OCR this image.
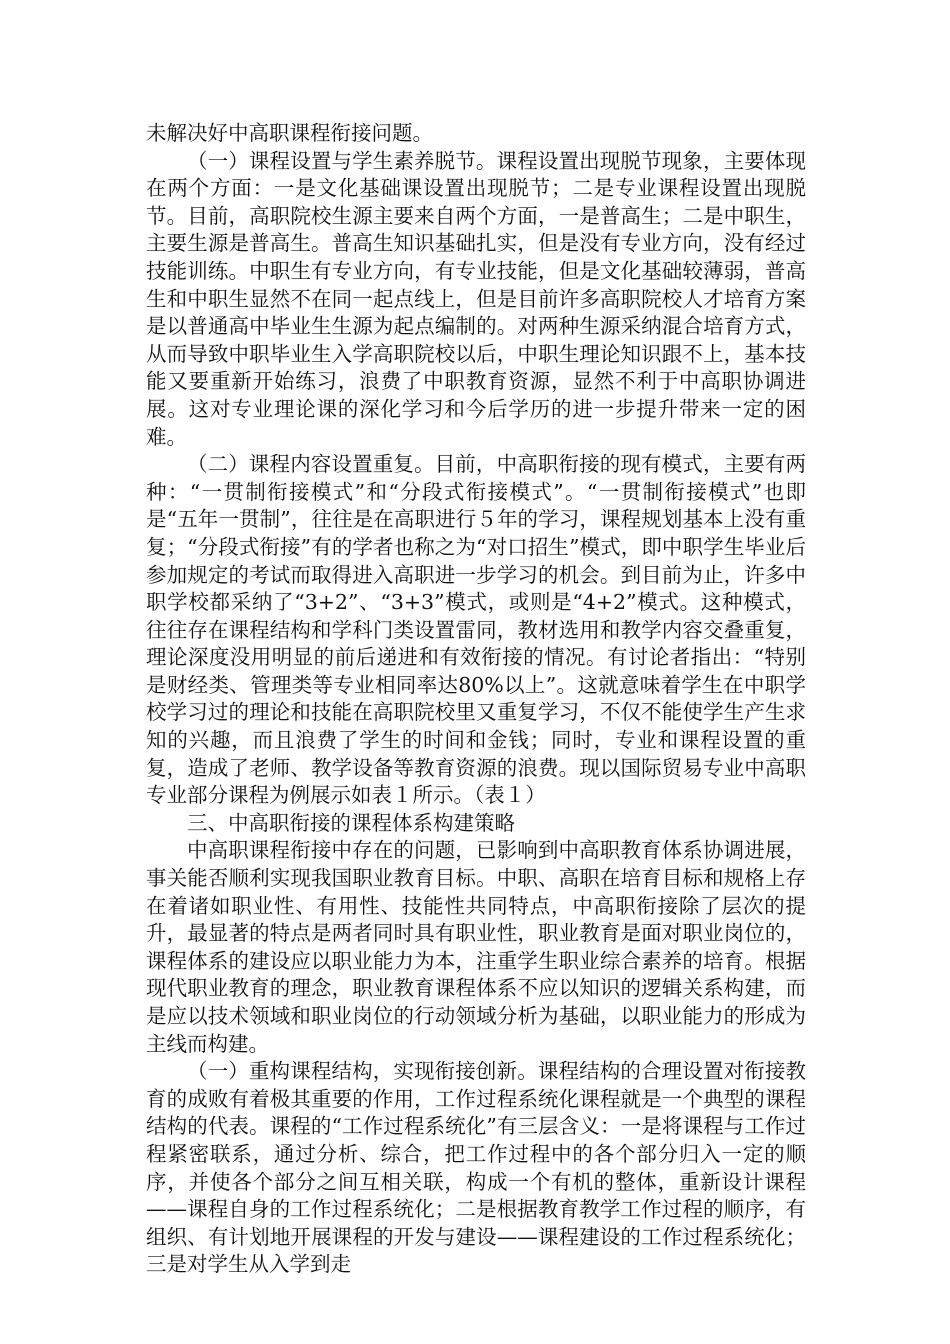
未解决好中高职课程衔接问题。

（一）课程设置与学生素养脱节。课程设置出现脱节现象，主要体现在两个方面：一是文化基础课设置出现脱节；二是专业课程设置出现脱节。目前，高职院校生源主要来自两个方面，一是普高生；二是中职生，主要生源是普高生。普高生知识基础扎实，但是没有专业方向，没有经过技能训练。中职生有专业方向，有专业技能，但是文化基础较薄弱，普高生和中职生显然不在同一起点线上，但是目前许多高职院校人才培育方案是以普通高中毕业生生源为起点编制的。对两种生源采纳混合培育方式，从而导致中职毕业生入学高职院校以后，中职生理论知识跟不上，基本技能又要重新开始练习，浪费了中职教育资源，显然不利于中高职协调进展。这对专业理论课的深化学习和今后学历的进一步提升带来一定的困难。

（二）课程内容设置重复。目前，中高职衔接的现有模式，主要有两种：“一贯制衔接模式”和“分段式衔接模式”。“一贯制衔接模式”也即是“五年一贯制”，往往是在高职进行５年的学习，课程规划基本上没有重复；“分段式衔接”有的学者也称之为“对口招生”模式，即中职学生毕业后参加规定的考试而取得进入高职进一步学习的机会。到目前为止，许多中职学校都采纳了“3+2”、“3+3”模式，或则是“4+2”模式。这种模式，往往存在课程结构和学科门类设置雷同，教材选用和教学内容交叠重复，理论深度没用明显的前后递进和有效衔接的情况。有讨论者指出：“特别是财经类、管理类等专业相同率达80%以上”。这就意味着学生在中职学校学习过的理论和技能在高职院校里又重复学习，不仅不能使学生产生求知的兴趣，而且浪费了学生的时间和金钱；同时，专业和课程设置的重复，造成了老师、教学设备等教育资源的浪费。现以国际贸易专业中高职专业部分课程为例展示如表１所示。（表１）

三、中高职衔接的课程体系构建策略

中高职课程衔接中存在的问题，已影响到中高职教育体系协调进展，事关能否顺利实现我国职业教育目标。中职、高职在培育目标和规格上存在着诸如职业性、有用性、技能性共同特点，中高职衔接除了层次的提升，最显著的特点是两者同时具有职业性，职业教育是面对职业岗位的，课程体系的建设应以职业能力为本，注重学生职业综合素养的培育。根据现代职业教育的理念，职业教育课程体系不应以知识的逻辑关系构建，而是应以技术领域和职业岗位的行动领域分析为基础，以职业能力的形成为主线而构建。

（一）重构课程结构，实现衔接创新。课程结构的合理设置对衔接教育的成败有着极其重要的作用，工作过程系统化课程就是一个典型的课程结构的代表。课程的“工作过程系统化”有三层含义：一是将课程与工作过程紧密联系，通过分析、综合，把工作过程中的各个部分归入一定的顺序，并使各个部分之间互相关联，构成一个有机的整体，重新设计课程——课程自身的工作过程系统化；二是根据教育教学工作过程的顺序，有组织、有计划地开展课程的开发与建设——课程建设的工作过程系统化；三是对学生从入学到走
